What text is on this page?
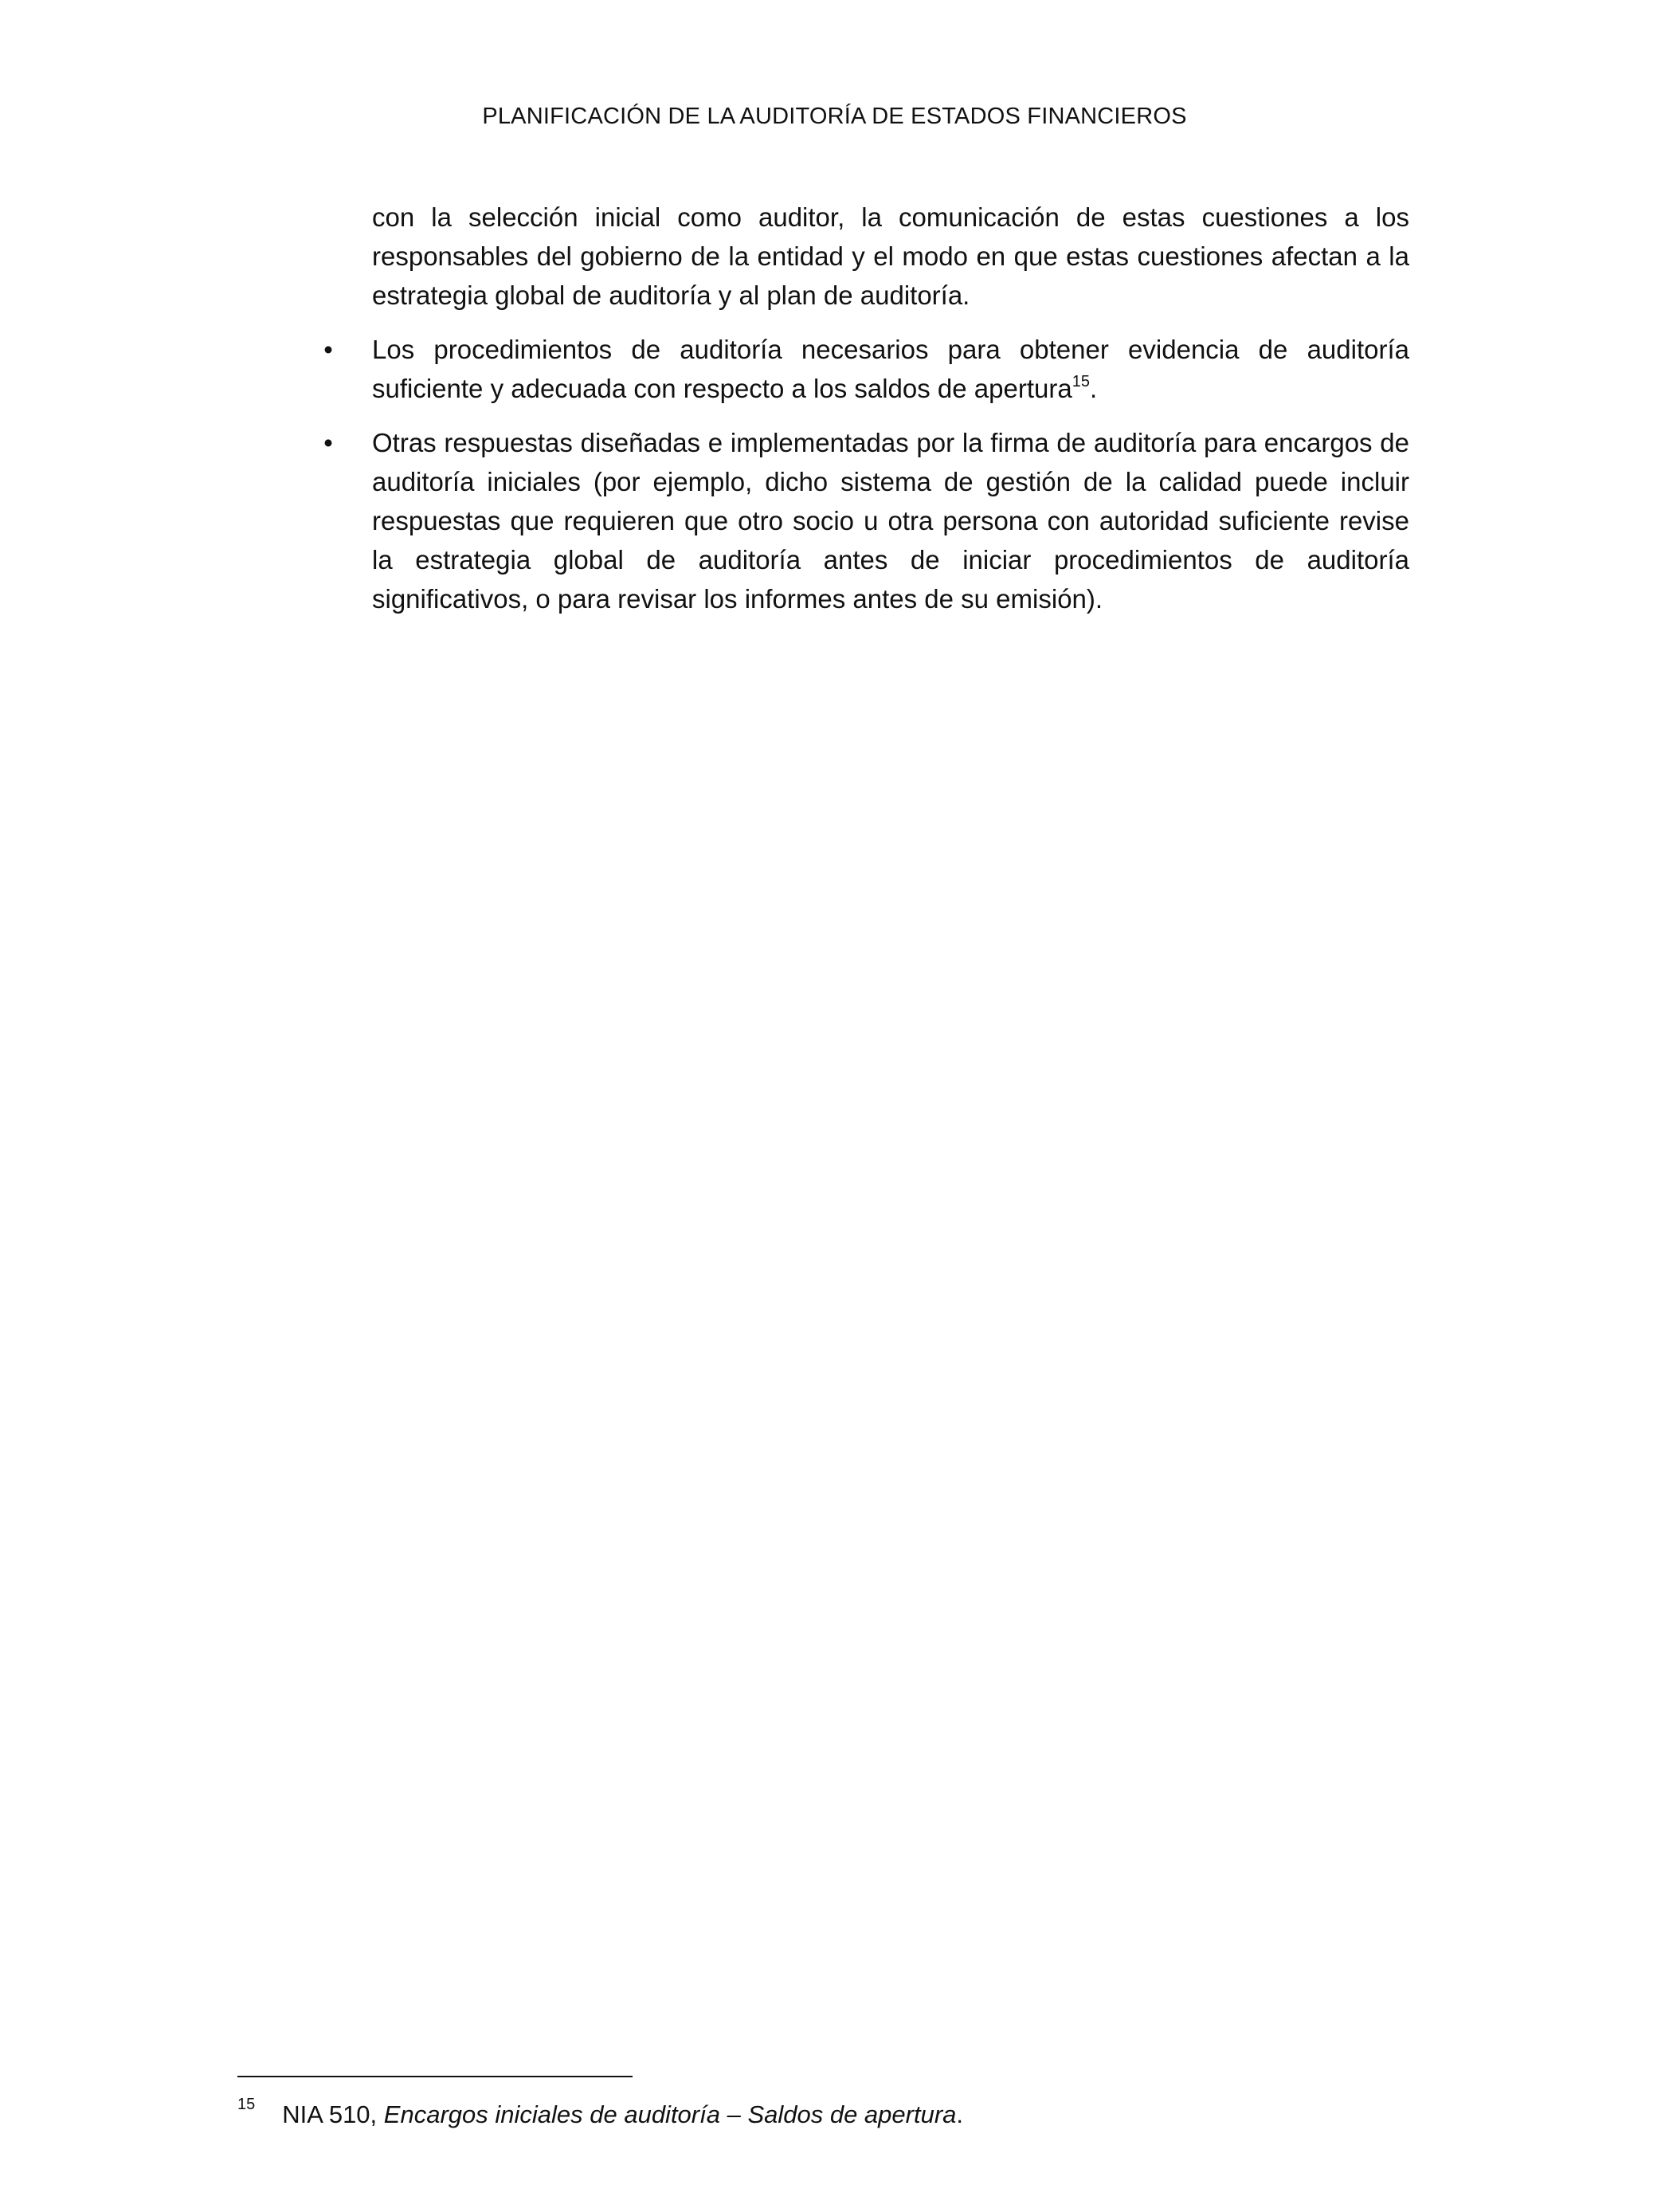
PLANIFICACIÓN DE LA AUDITORÍA DE ESTADOS FINANCIEROS

con la selección inicial como auditor, la comunicación de estas cuestiones a los responsables del gobierno de la entidad y el modo en que estas cuestiones afectan a la estrategia global de auditoría y al plan de auditoría.

• Los procedimientos de auditoría necesarios para obtener evidencia de auditoría suficiente y adecuada con respecto a los saldos de apertura$^{15}$.
• Otras respuestas diseñadas e implementadas por la firma de auditoría para encargos de auditoría iniciales (por ejemplo, dicho sistema de gestión de la calidad puede incluir respuestas que requieren que otro socio u otra persona con autoridad suficiente revise la estrategia global de auditoría antes de iniciar procedimientos de auditoría significativos, o para revisar los informes antes de su emisión).
$^{15}$ NIA 510, Encargos iniciales de auditoría – Saldos de apertura.
